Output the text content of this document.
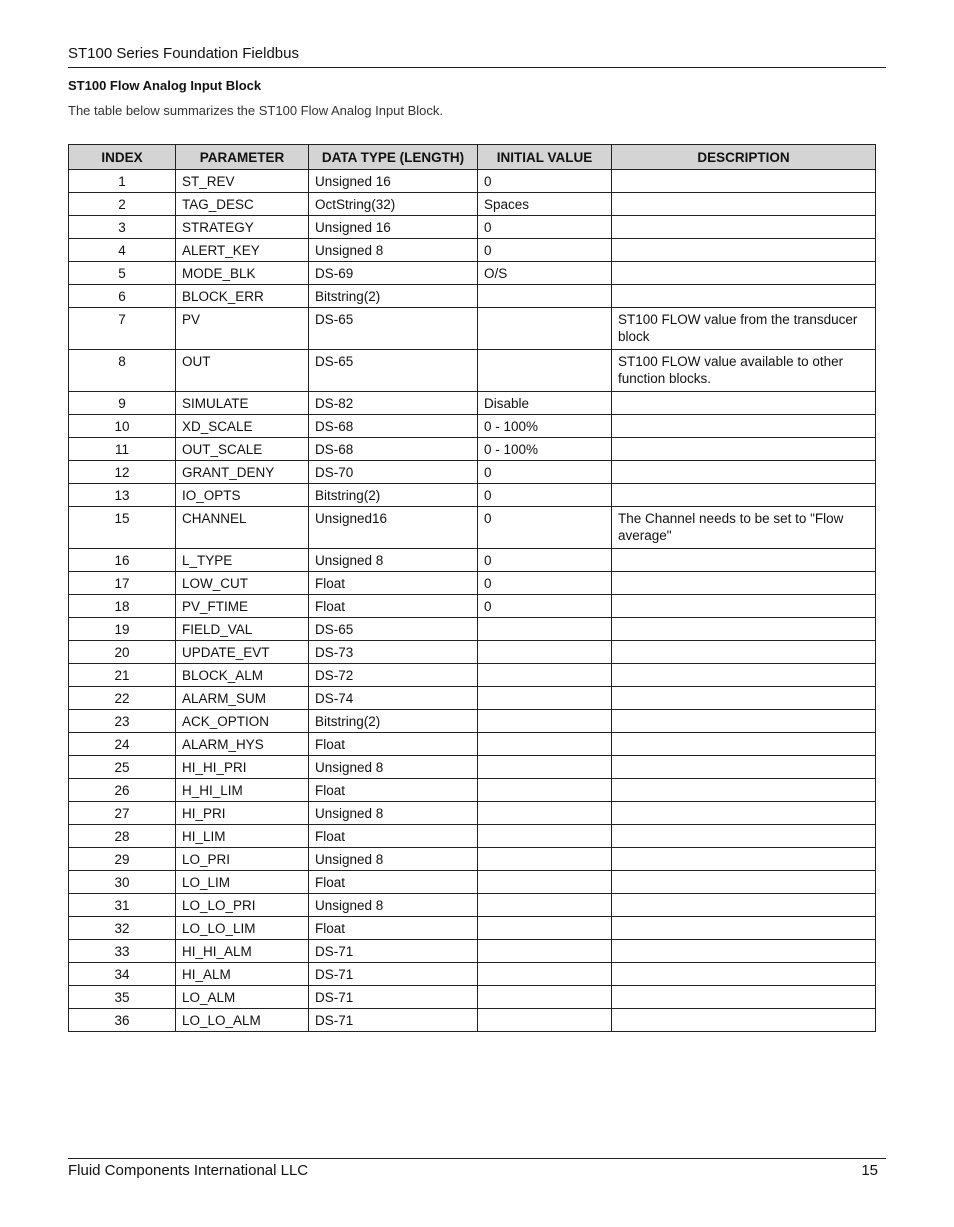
ST100 Series Foundation Fieldbus
ST100 Flow Analog Input Block
The table below summarizes the ST100 Flow Analog Input Block.
INDEX	PARAMETER	DATA TYPE (LENGTH)	INITIAL VALUE	DESCRIPTION
1	ST_REV	Unsigned 16	0	
2	TAG_DESC	OctString(32)	Spaces	
3	STRATEGY	Unsigned 16	0	
4	ALERT_KEY	Unsigned 8	0	
5	MODE_BLK	DS-69	O/S	
6	BLOCK_ERR	Bitstring(2)		
7	PV	DS-65		ST100 FLOW value from the transducer block
8	OUT	DS-65		ST100 FLOW value available to other function blocks.
9	SIMULATE	DS-82	Disable	
10	XD_SCALE	DS-68	0 - 100%	
11	OUT_SCALE	DS-68	0 - 100%	
12	GRANT_DENY	DS-70	0	
13	IO_OPTS	Bitstring(2)	0	
15	CHANNEL	Unsigned16	0	The Channel needs to be set to "Flow average"
16	L_TYPE	Unsigned 8	0	
17	LOW_CUT	Float	0	
18	PV_FTIME	Float	0	
19	FIELD_VAL	DS-65		
20	UPDATE_EVT	DS-73		
21	BLOCK_ALM	DS-72		
22	ALARM_SUM	DS-74		
23	ACK_OPTION	Bitstring(2)		
24	ALARM_HYS	Float		
25	HI_HI_PRI	Unsigned 8		
26	H_HI_LIM	Float		
27	HI_PRI	Unsigned 8		
28	HI_LIM	Float		
29	LO_PRI	Unsigned 8		
30	LO_LIM	Float		
31	LO_LO_PRI	Unsigned 8		
32	LO_LO_LIM	Float		
33	HI_HI_ALM	DS-71		
34	HI_ALM	DS-71		
35	LO_ALM	DS-71		
36	LO_LO_ALM	DS-71		
Fluid Components International LLC	15
